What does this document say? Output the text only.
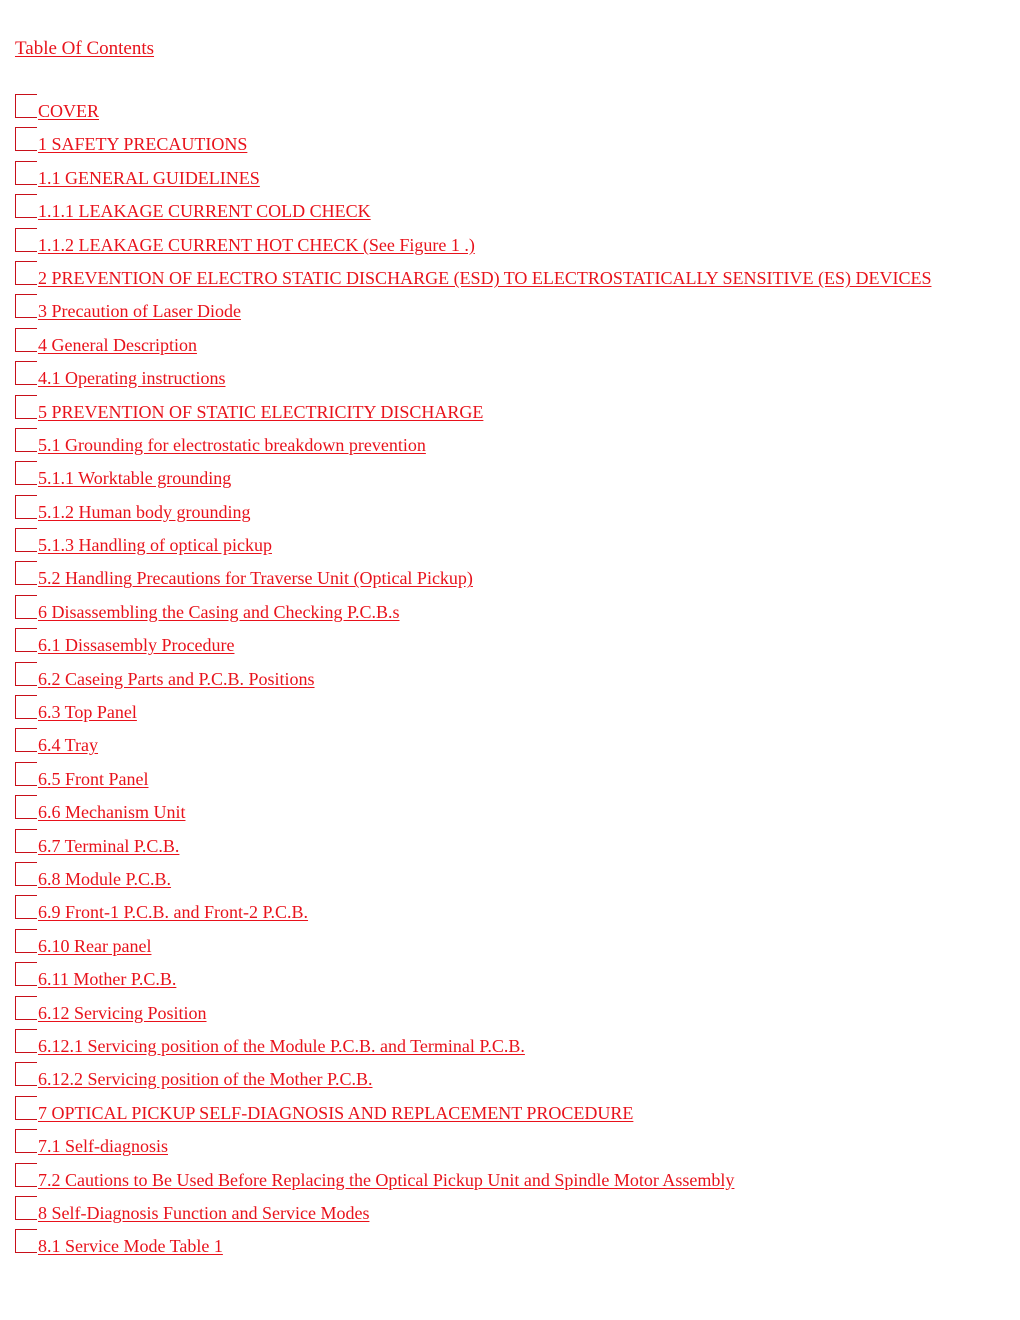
Table Of Contents
COVER
1 SAFETY PRECAUTIONS
1.1 GENERAL GUIDELINES
1.1.1 LEAKAGE CURRENT COLD CHECK
1.1.2 LEAKAGE CURRENT HOT CHECK (See Figure 1 .)
2 PREVENTION OF ELECTRO STATIC DISCHARGE (ESD) TO ELECTROSTATICALLY SENSITIVE (ES) DEVICES
3 Precaution of Laser Diode
4 General Description
4.1 Operating instructions
5 PREVENTION OF STATIC ELECTRICITY DISCHARGE
5.1 Grounding for electrostatic breakdown prevention
5.1.1 Worktable grounding
5.1.2 Human body grounding
5.1.3 Handling of optical pickup
5.2 Handling Precautions for Traverse Unit (Optical Pickup)
6 Disassembling the Casing and Checking P.C.B.s
6.1 Dissasembly Procedure
6.2 Caseing Parts and P.C.B. Positions
6.3 Top Panel
6.4 Tray
6.5 Front Panel
6.6 Mechanism Unit
6.7 Terminal P.C.B.
6.8 Module P.C.B.
6.9 Front-1 P.C.B. and Front-2 P.C.B.
6.10 Rear panel
6.11 Mother P.C.B.
6.12 Servicing Position
6.12.1 Servicing position of the Module P.C.B. and Terminal P.C.B.
6.12.2 Servicing position of the Mother P.C.B.
7 OPTICAL PICKUP SELF-DIAGNOSIS AND REPLACEMENT PROCEDURE
7.1 Self-diagnosis
7.2 Cautions to Be Used Before Replacing the Optical Pickup Unit and Spindle Motor Assembly
8 Self-Diagnosis Function and Service Modes
8.1 Service Mode Table 1
